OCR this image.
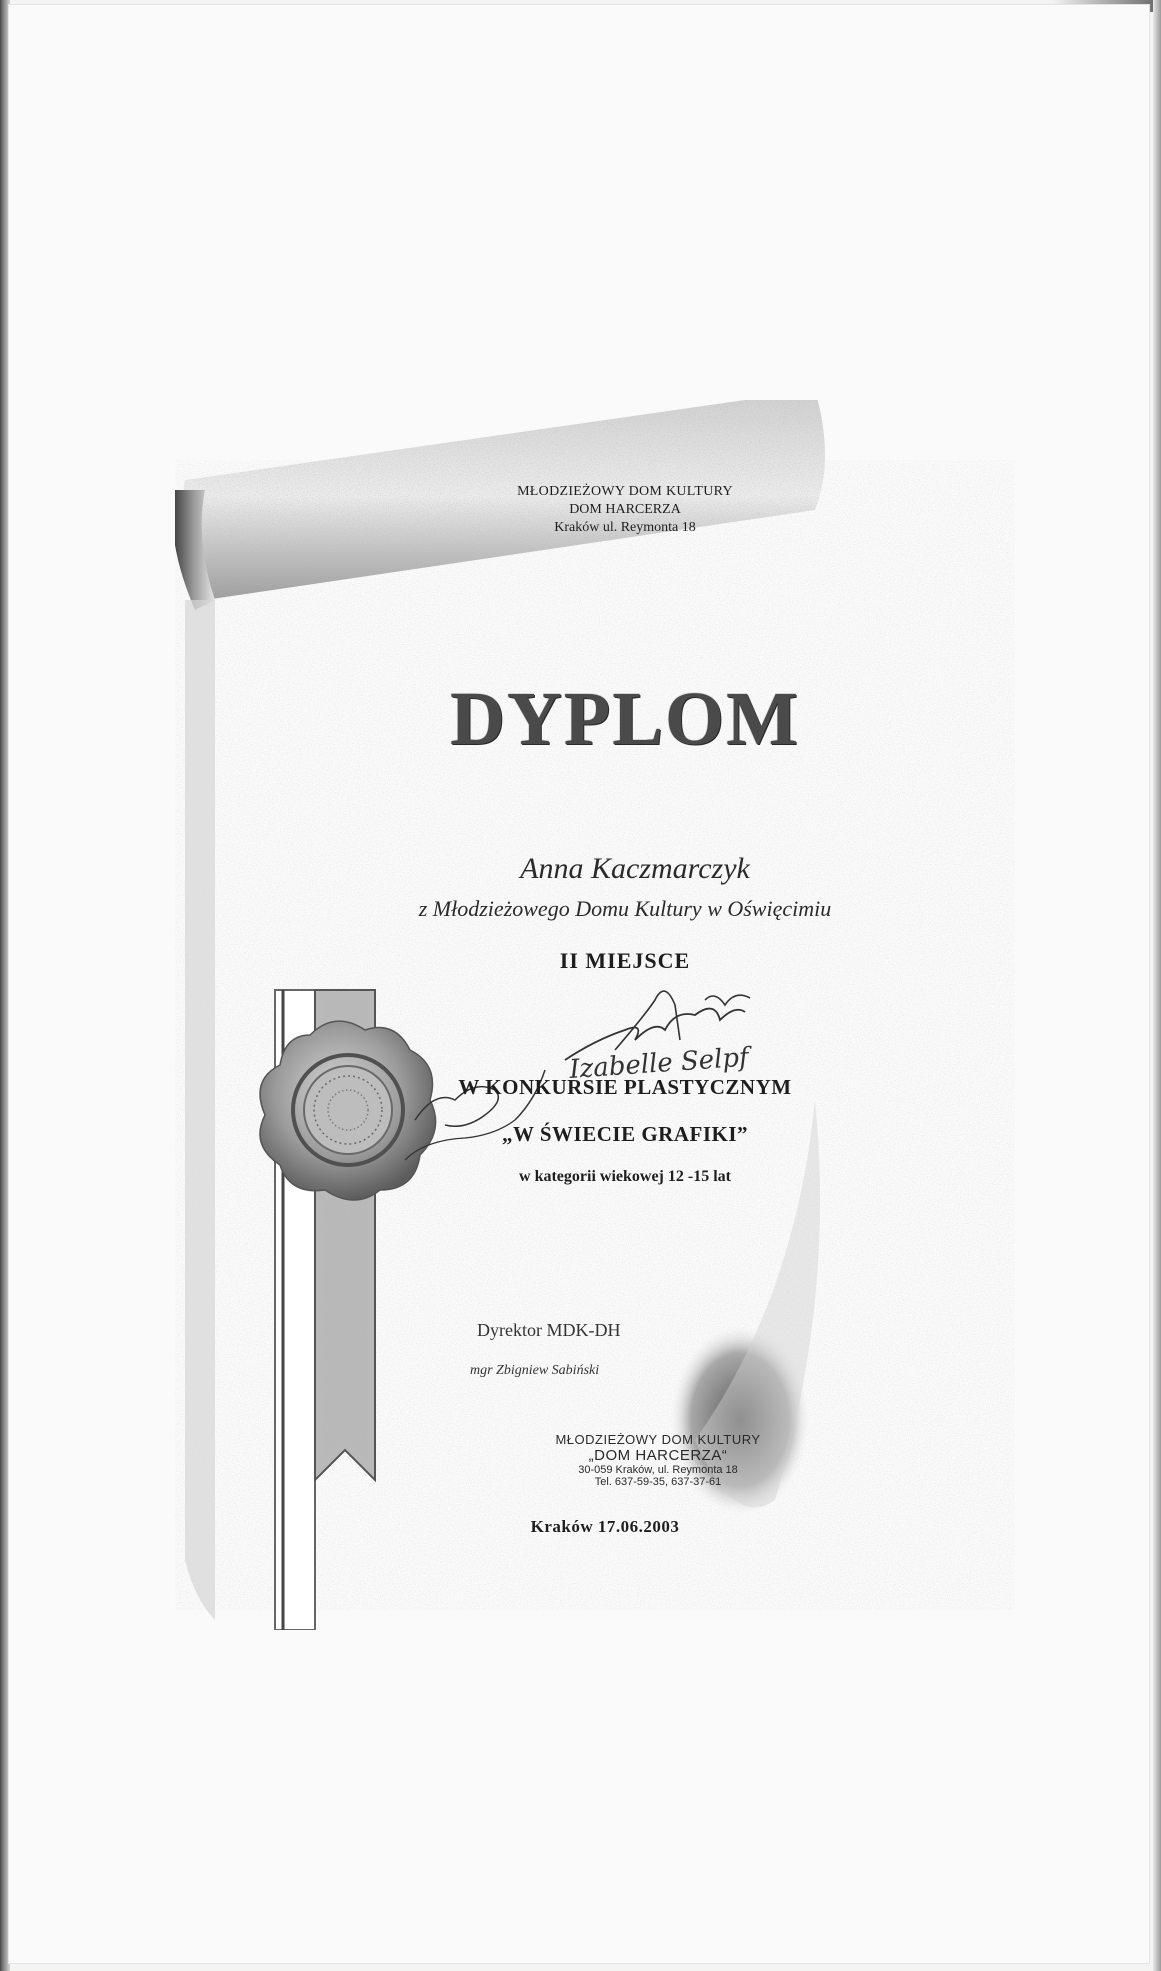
Izabelle Selpf
MŁODZIEŻOWY DOM KULTURY
DOM HARCERZA
Kraków ul. Reymonta 18
DYPLOM
Anna Kaczmarczyk
z Młodzieżowego Domu Kultury w Oświęcimiu
II MIEJSCE
W KONKURSIE PLASTYCZNYM
„W ŚWIECIE GRAFIKI”
w kategorii wiekowej 12 -15 lat
Dyrektor MDK-DH
mgr Zbigniew Sabiński
MŁODZIEŻOWY DOM KULTURY
„DOM HARCERZA“
30-059 Kraków, ul. Reymonta 18
Tel. 637-59-35, 637-37-61
Kraków 17.06.2003
